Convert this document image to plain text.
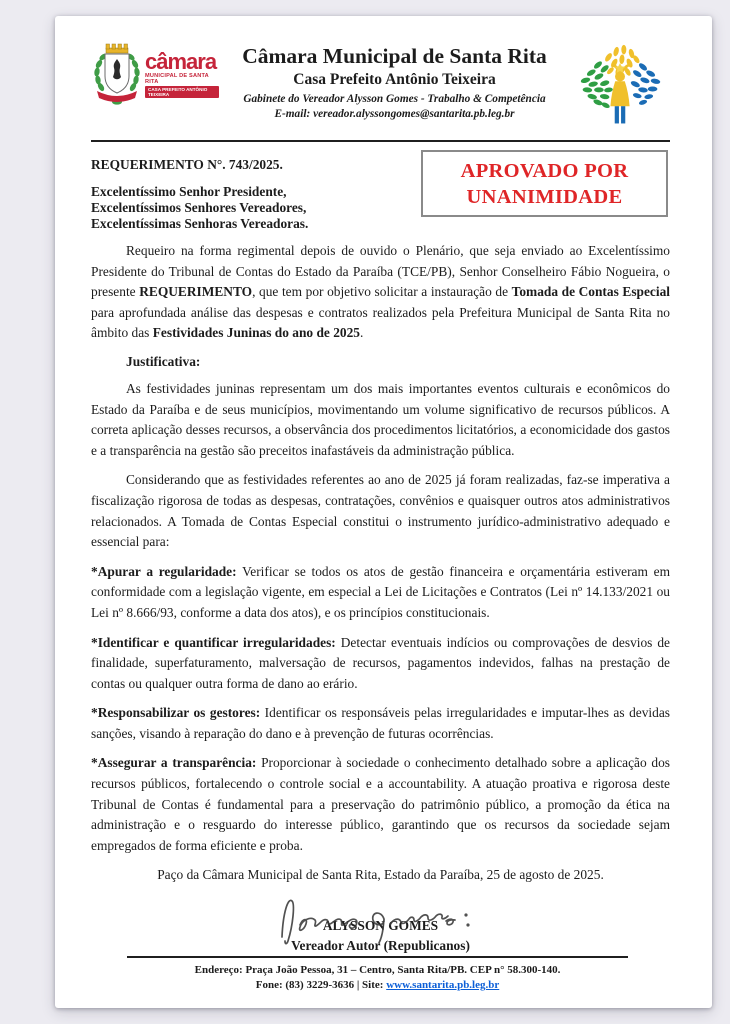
câmara
MUNICIPAL DE SANTA RITA
CASA PREFEITO ANTÔNIO TEIXEIRA
Câmara Municipal de Santa Rita
Casa Prefeito Antônio Teixeira
Gabinete do Vereador Alysson Gomes - Trabalho & Competência
E-mail: vereador.alyssongomes@santarita.pb.leg.br
REQUERIMENTO N°. 743/2025.	APROVADO POR
UNANIMIDADE
Excelentíssimo Senhor Presidente,
Excelentíssimos Senhores Vereadores,
Excelentíssimas Senhoras Vereadoras.

Requeiro na forma regimental depois de ouvido o Plenário, que seja enviado ao Excelentíssimo Presidente do Tribunal de Contas do Estado da Paraíba (TCE/PB), Senhor Conselheiro Fábio Nogueira, o presente REQUERIMENTO, que tem por objetivo solicitar a instauração de Tomada de Contas Especial para aprofundada análise das despesas e contratos realizados pela Prefeitura Municipal de Santa Rita no âmbito das Festividades Juninas do ano de 2025.

Justificativa:

As festividades juninas representam um dos mais importantes eventos culturais e econômicos do Estado da Paraíba e de seus municípios, movimentando um volume significativo de recursos públicos. A correta aplicação desses recursos, a observância dos procedimentos licitatórios, a economicidade dos gastos e a transparência na gestão são preceitos inafastáveis da administração pública.

Considerando que as festividades referentes ao ano de 2025 já foram realizadas, faz-se imperativa a fiscalização rigorosa de todas as despesas, contratações, convênios e quaisquer outros atos administrativos relacionados. A Tomada de Contas Especial constitui o instrumento jurídico-administrativo adequado e essencial para:

*Apurar a regularidade: Verificar se todos os atos de gestão financeira e orçamentária estiveram em conformidade com a legislação vigente, em especial a Lei de Licitações e Contratos (Lei nº 14.133/2021 ou Lei nº 8.666/93, conforme a data dos atos), e os princípios constitucionais.

*Identificar e quantificar irregularidades: Detectar eventuais indícios ou comprovações de desvios de finalidade, superfaturamento, malversação de recursos, pagamentos indevidos, falhas na prestação de contas ou qualquer outra forma de dano ao erário.

*Responsabilizar os gestores: Identificar os responsáveis pelas irregularidades e imputar-lhes as devidas sanções, visando à reparação do dano e à prevenção de futuras ocorrências.

*Assegurar a transparência: Proporcionar à sociedade o conhecimento detalhado sobre a aplicação dos recursos públicos, fortalecendo o controle social e a accountability. A atuação proativa e rigorosa deste Tribunal de Contas é fundamental para a preservação do patrimônio público, a promoção da ética na administração e o resguardo do interesse público, garantindo que os recursos da sociedade sejam empregados de forma eficiente e proba.

Paço da Câmara Municipal de Santa Rita, Estado da Paraíba, 25 de agosto de 2025.
ALYSSON GOMES
Vereador Autor (Republicanos)
Endereço: Praça João Pessoa, 31 – Centro, Santa Rita/PB. CEP n° 58.300-140.
Fone: (83) 3229-3636 | Site: www.santarita.pb.leg.br
